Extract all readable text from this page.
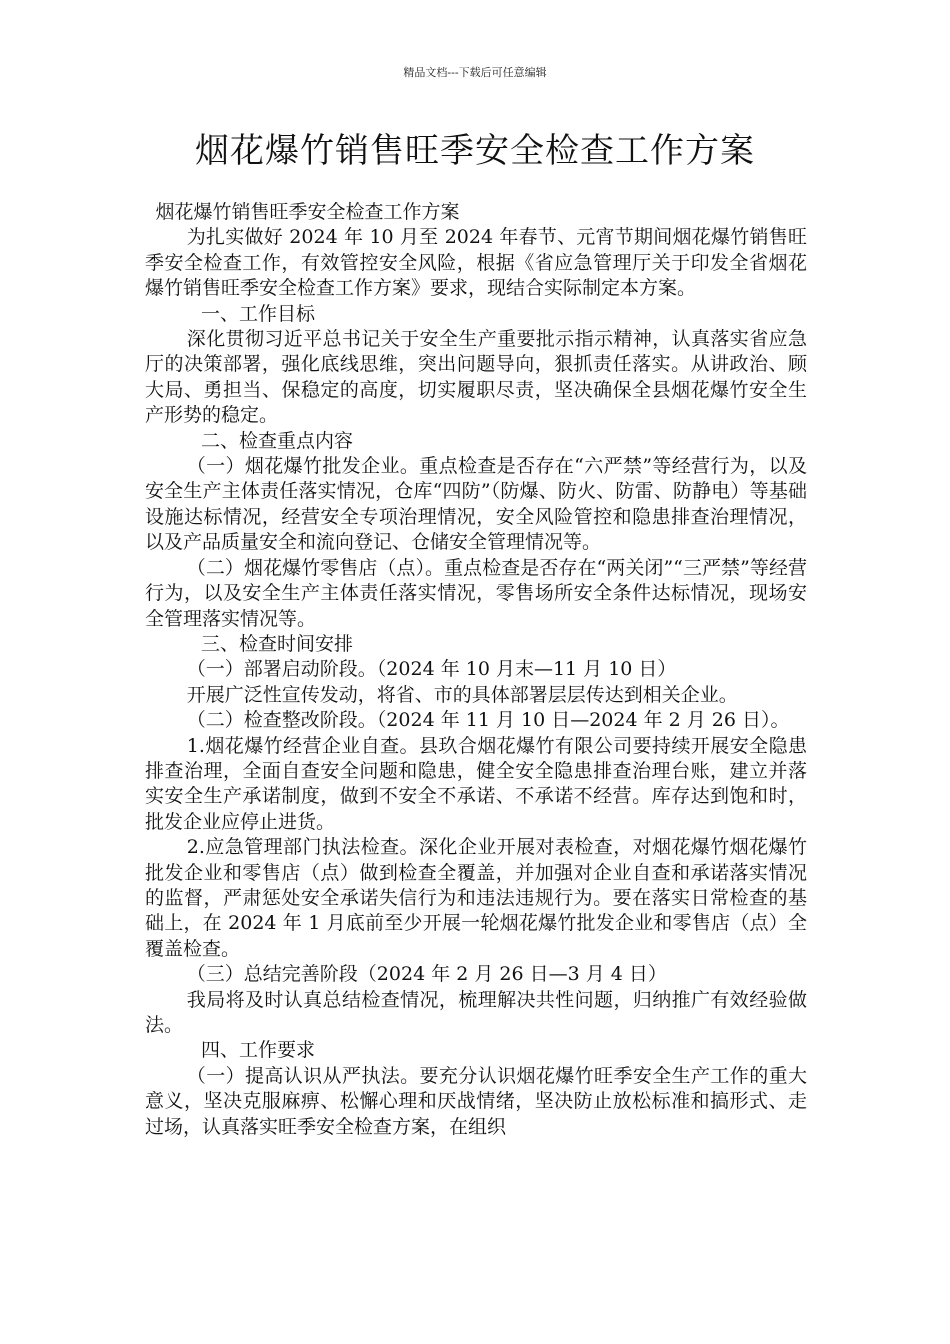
精品文档---下载后可任意编辑
烟花爆竹销售旺季安全检查工作方案

烟花爆竹销售旺季安全检查工作方案

为扎实做好 2024 年 10 月至 2024 年春节、元宵节期间烟花爆竹销售旺季安全检查工作，有效管控安全风险，根据《省应急管理厅关于印发全省烟花爆竹销售旺季安全检查工作方案》要求，现结合实际制定本方案。

一、工作目标

深化贯彻习近平总书记关于安全生产重要批示指示精神，认真落实省应急厅的决策部署，强化底线思维，突出问题导向，狠抓责任落实。从讲政治、顾大局、勇担当、保稳定的高度，切实履职尽责，坚决确保全县烟花爆竹安全生产形势的稳定。

二、检查重点内容

（一）烟花爆竹批发企业。重点检查是否存在“六严禁”等经营行为，以及安全生产主体责任落实情况，仓库“四防”（防爆、防火、防雷、防静电）等基础设施达标情况，经营安全专项治理情况，安全风险管控和隐患排查治理情况，以及产品质量安全和流向登记、仓储安全管理情况等。

（二）烟花爆竹零售店（点）。重点检查是否存在“两关闭”“三严禁”等经营行为，以及安全生产主体责任落实情况，零售场所安全条件达标情况，现场安全管理落实情况等。

三、检查时间安排

（一）部署启动阶段。（2024 年 10 月末—11 月 10 日）

开展广泛性宣传发动，将省、市的具体部署层层传达到相关企业。

（二）检查整改阶段。（2024 年 11 月 10 日—2024 年 2 月 26 日）。

1.烟花爆竹经营企业自查。县玖合烟花爆竹有限公司要持续开展安全隐患排查治理，全面自查安全问题和隐患，健全安全隐患排查治理台账，建立并落实安全生产承诺制度，做到不安全不承诺、不承诺不经营。库存达到饱和时，批发企业应停止进货。

2.应急管理部门执法检查。深化企业开展对表检查，对烟花爆竹烟花爆竹批发企业和零售店（点）做到检查全覆盖，并加强对企业自查和承诺落实情况的监督，严肃惩处安全承诺失信行为和违法违规行为。要在落实日常检查的基础上，在 2024 年 1 月底前至少开展一轮烟花爆竹批发企业和零售店（点）全覆盖检查。

（三）总结完善阶段（2024 年 2 月 26 日—3 月 4 日）

我局将及时认真总结检查情况，梳理解决共性问题，归纳推广有效经验做法。

四、工作要求

（一）提高认识从严执法。要充分认识烟花爆竹旺季安全生产工作的重大意义，坚决克服麻痹、松懈心理和厌战情绪，坚决防止放松标准和搞形式、走过场，认真落实旺季安全检查方案，在组织
